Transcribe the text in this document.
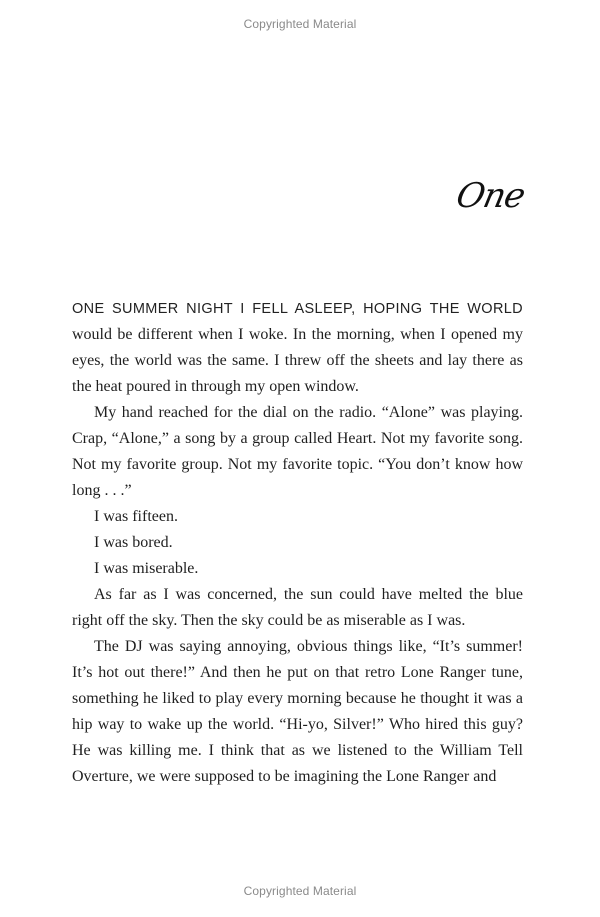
Copyrighted Material
One

ONE SUMMER NIGHT I FELL ASLEEP, HOPING THE WORLD would be different when I woke. In the morning, when I opened my eyes, the world was the same. I threw off the sheets and lay there as the heat poured in through my open window.

My hand reached for the dial on the radio. “Alone” was playing. Crap, “Alone,” a song by a group called Heart. Not my favorite song. Not my favorite group. Not my favorite topic. “You don’t know how long . . .”

I was fifteen.

I was bored.

I was miserable.

As far as I was concerned, the sun could have melted the blue right off the sky. Then the sky could be as miserable as I was.

The DJ was saying annoying, obvious things like, “It’s summer! It’s hot out there!” And then he put on that retro Lone Ranger tune, something he liked to play every morning because he thought it was a hip way to wake up the world. “Hi-yo, Silver!” Who hired this guy? He was killing me. I think that as we listened to the William Tell Overture, we were supposed to be imagining the Lone Ranger and

Copyrighted Material
